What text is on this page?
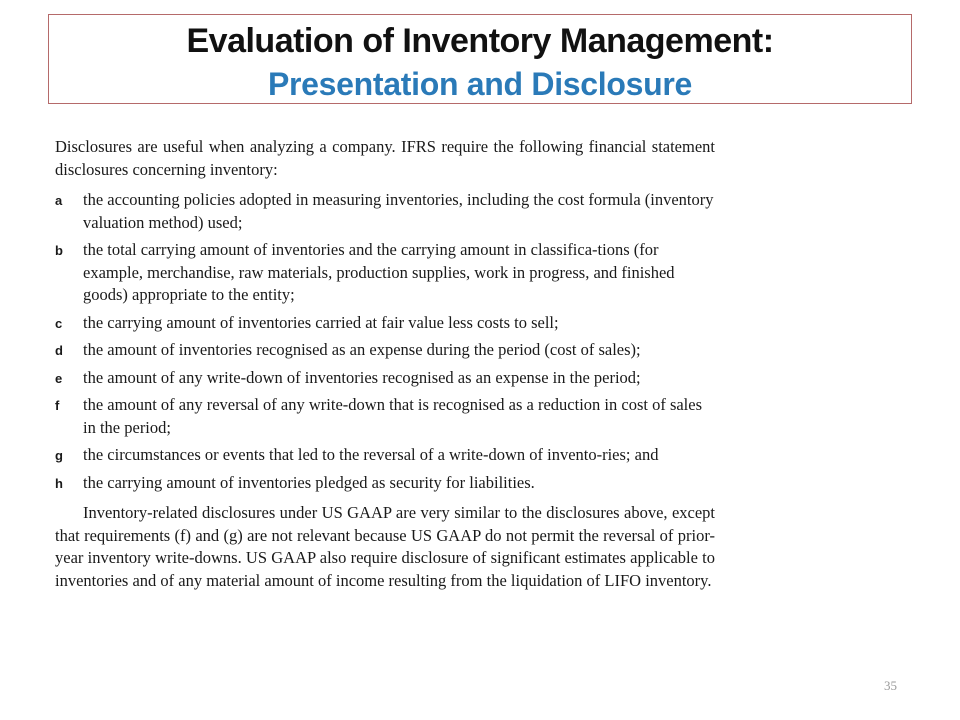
Evaluation of Inventory Management:
Presentation and Disclosure

Disclosures are useful when analyzing a company. IFRS require the following financial statement disclosures concerning inventory:

a the accounting policies adopted in measuring inventories, including the cost formula (inventory valuation method) used;
b the total carrying amount of inventories and the carrying amount in classifica-tions (for example, merchandise, raw materials, production supplies, work in progress, and finished goods) appropriate to the entity;
c the carrying amount of inventories carried at fair value less costs to sell;
d the amount of inventories recognised as an expense during the period (cost of sales);
e the amount of any write-down of inventories recognised as an expense in the period;
f the amount of any reversal of any write-down that is recognised as a reduction in cost of sales in the period;
g the circumstances or events that led to the reversal of a write-down of invento-ries; and
h the carrying amount of inventories pledged as security for liabilities.

Inventory-related disclosures under US GAAP are very similar to the disclosures above, except that requirements (f) and (g) are not relevant because US GAAP do not permit the reversal of prior-year inventory write-downs. US GAAP also require disclosure of significant estimates applicable to inventories and of any material amount of income resulting from the liquidation of LIFO inventory.

35
